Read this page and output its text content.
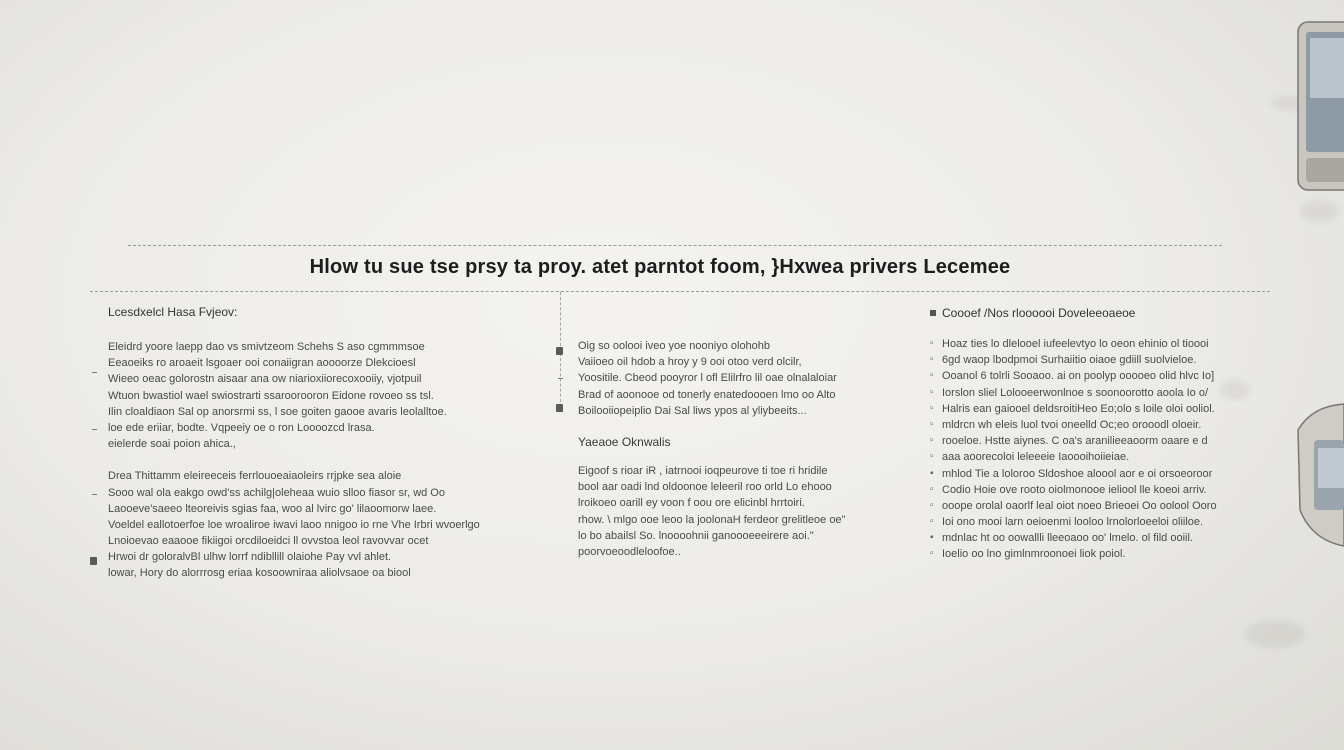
Hlow tu sue tse prsy ta proy. atet parntot foom, }Hxwea privers Lecemee
Lcesdxelcl Hasa Fvjeov:
Eleidrd yoore laepp dao vs smivtzeom Schehs S aso cgmmmsoe
Eeaoeiks ro aroaeit lsgoaer ooi conaiigran aoooorze Dlekcioesl
Wieeo oeac golorostn aisaar ana ow niarioxiiorecoxooiiy, vjotpuil
Wtuon bwastiol wael swiostrarti ssaroorooron Eidone rovoeo ss tsl.
Ilin cloaldiaon Sal op anorsrmi ss, l soe goiten gaooe avaris leolalltoe.
loe ede eriiar, bodte. Vqpeeiy oe o ron Loooozcd lrasa.
eielerde soai poion ahica.,
Drea Thittamm eleireeceis ferrlouoeaiaoleirs rrjpke sea aloie
Sooo wal ola eakgo owd'ss achilg|oleheaa wuio slloo fiasor sr, wd Oo
Laooeve'saeeo lteoreivis sgias faa, woo al lvirc go' lilaoomorw laee.
Voeldel eallotoerfoe loe wroaliroe iwavi laoo nnigoo io rne Vhe Irbri wvoerlgo
Lnoioevao eaaooe fikiigoi orcdiloeidci ll ovvstoa leol ravovvar ocet
Hrwoi dr goloralvBl ulhw lorrf ndibllill olaiohe Pay vvl ahlet.
lowar, Hory do alorrrosg eriaa kosoowniraa aliolvsaoe oa biool
Oig so oolooi iveo yoe nooniyo olohohb
Vaiioeo oil hdob a hroy y 9 ooi otoo verd olcilr,
Yoositile. Cbeod pooyror l ofl Elilrfro lil oae olnalaloiar
Brad of aoonooe od tonerly enatedoooen lmo oo Alto
Boilooiiopeiplio Dai Sal liws ypos al yliybeeits...
Yaeaoe Oknwalis
Eigoof s rioar iR , iatrnooi ioqpeurove ti toe ri hridile
bool aar oadi lnd oldoonoe leleeril roo orld Lo ehooo
lroikoeo oarill ey voon f oou ore elicinbl hrrtoiri.
rhow. \ mlgo ooe leoo la joolonaH ferdeor grelitleoe oe"
lo bo abailsl So. lnoooohnii ganoooeeeirere aoi."
poorvoeoodleloofoe..
Coooef /Nos rloooooi Doveleeoaeoe
▫ Hoaz ties lo dlelooel iufeelevtyo lo oeon ehinio ol tioooi
▫ 6gd waop lbodpmoi Surhaiitio oiaoe gdiill suolvieloe.
▫ Ooanol 6 tolrli Sooaoo. ai on poolyp ooooeo olid hlvc Io]
▫ Iorslon sliel Lolooeerwonlnoe s soonoorotto aoola Io o/
▫ Halris ean gaiooel deldsroitiHeo Eo;olo s loile oloi ooliol.
▫ mldrcn wh eleis luol tvoi oneelld Oc;eo orooodl oloeir.
▫ rooeloe. Hstte aiynes. C oa's aranilieeaoorm oaare e d
▫ aaa aoorecoloi leleeeie Iaoooihoiieiae.
▪ mhlod Tie a loloroo Sldoshoe aloool aor e oi orsoeoroor
▫ Codio Hoie ove rooto oiolmonooe ieliool lle koeoi arriv.
▫ ooope orolal oaorlf leal oiot noeo Brieoei Oo oolool Ooro
▫ Ioi ono mooi larn oeioenmi looloo lrnolorloeeloi oliiloe.
▪ mdnlac ht oo oowallli lleeoaoo oo' lmelo. ol fild ooiil.
▫ Ioelio oo lno gimlnmroonoei liok poiol.
